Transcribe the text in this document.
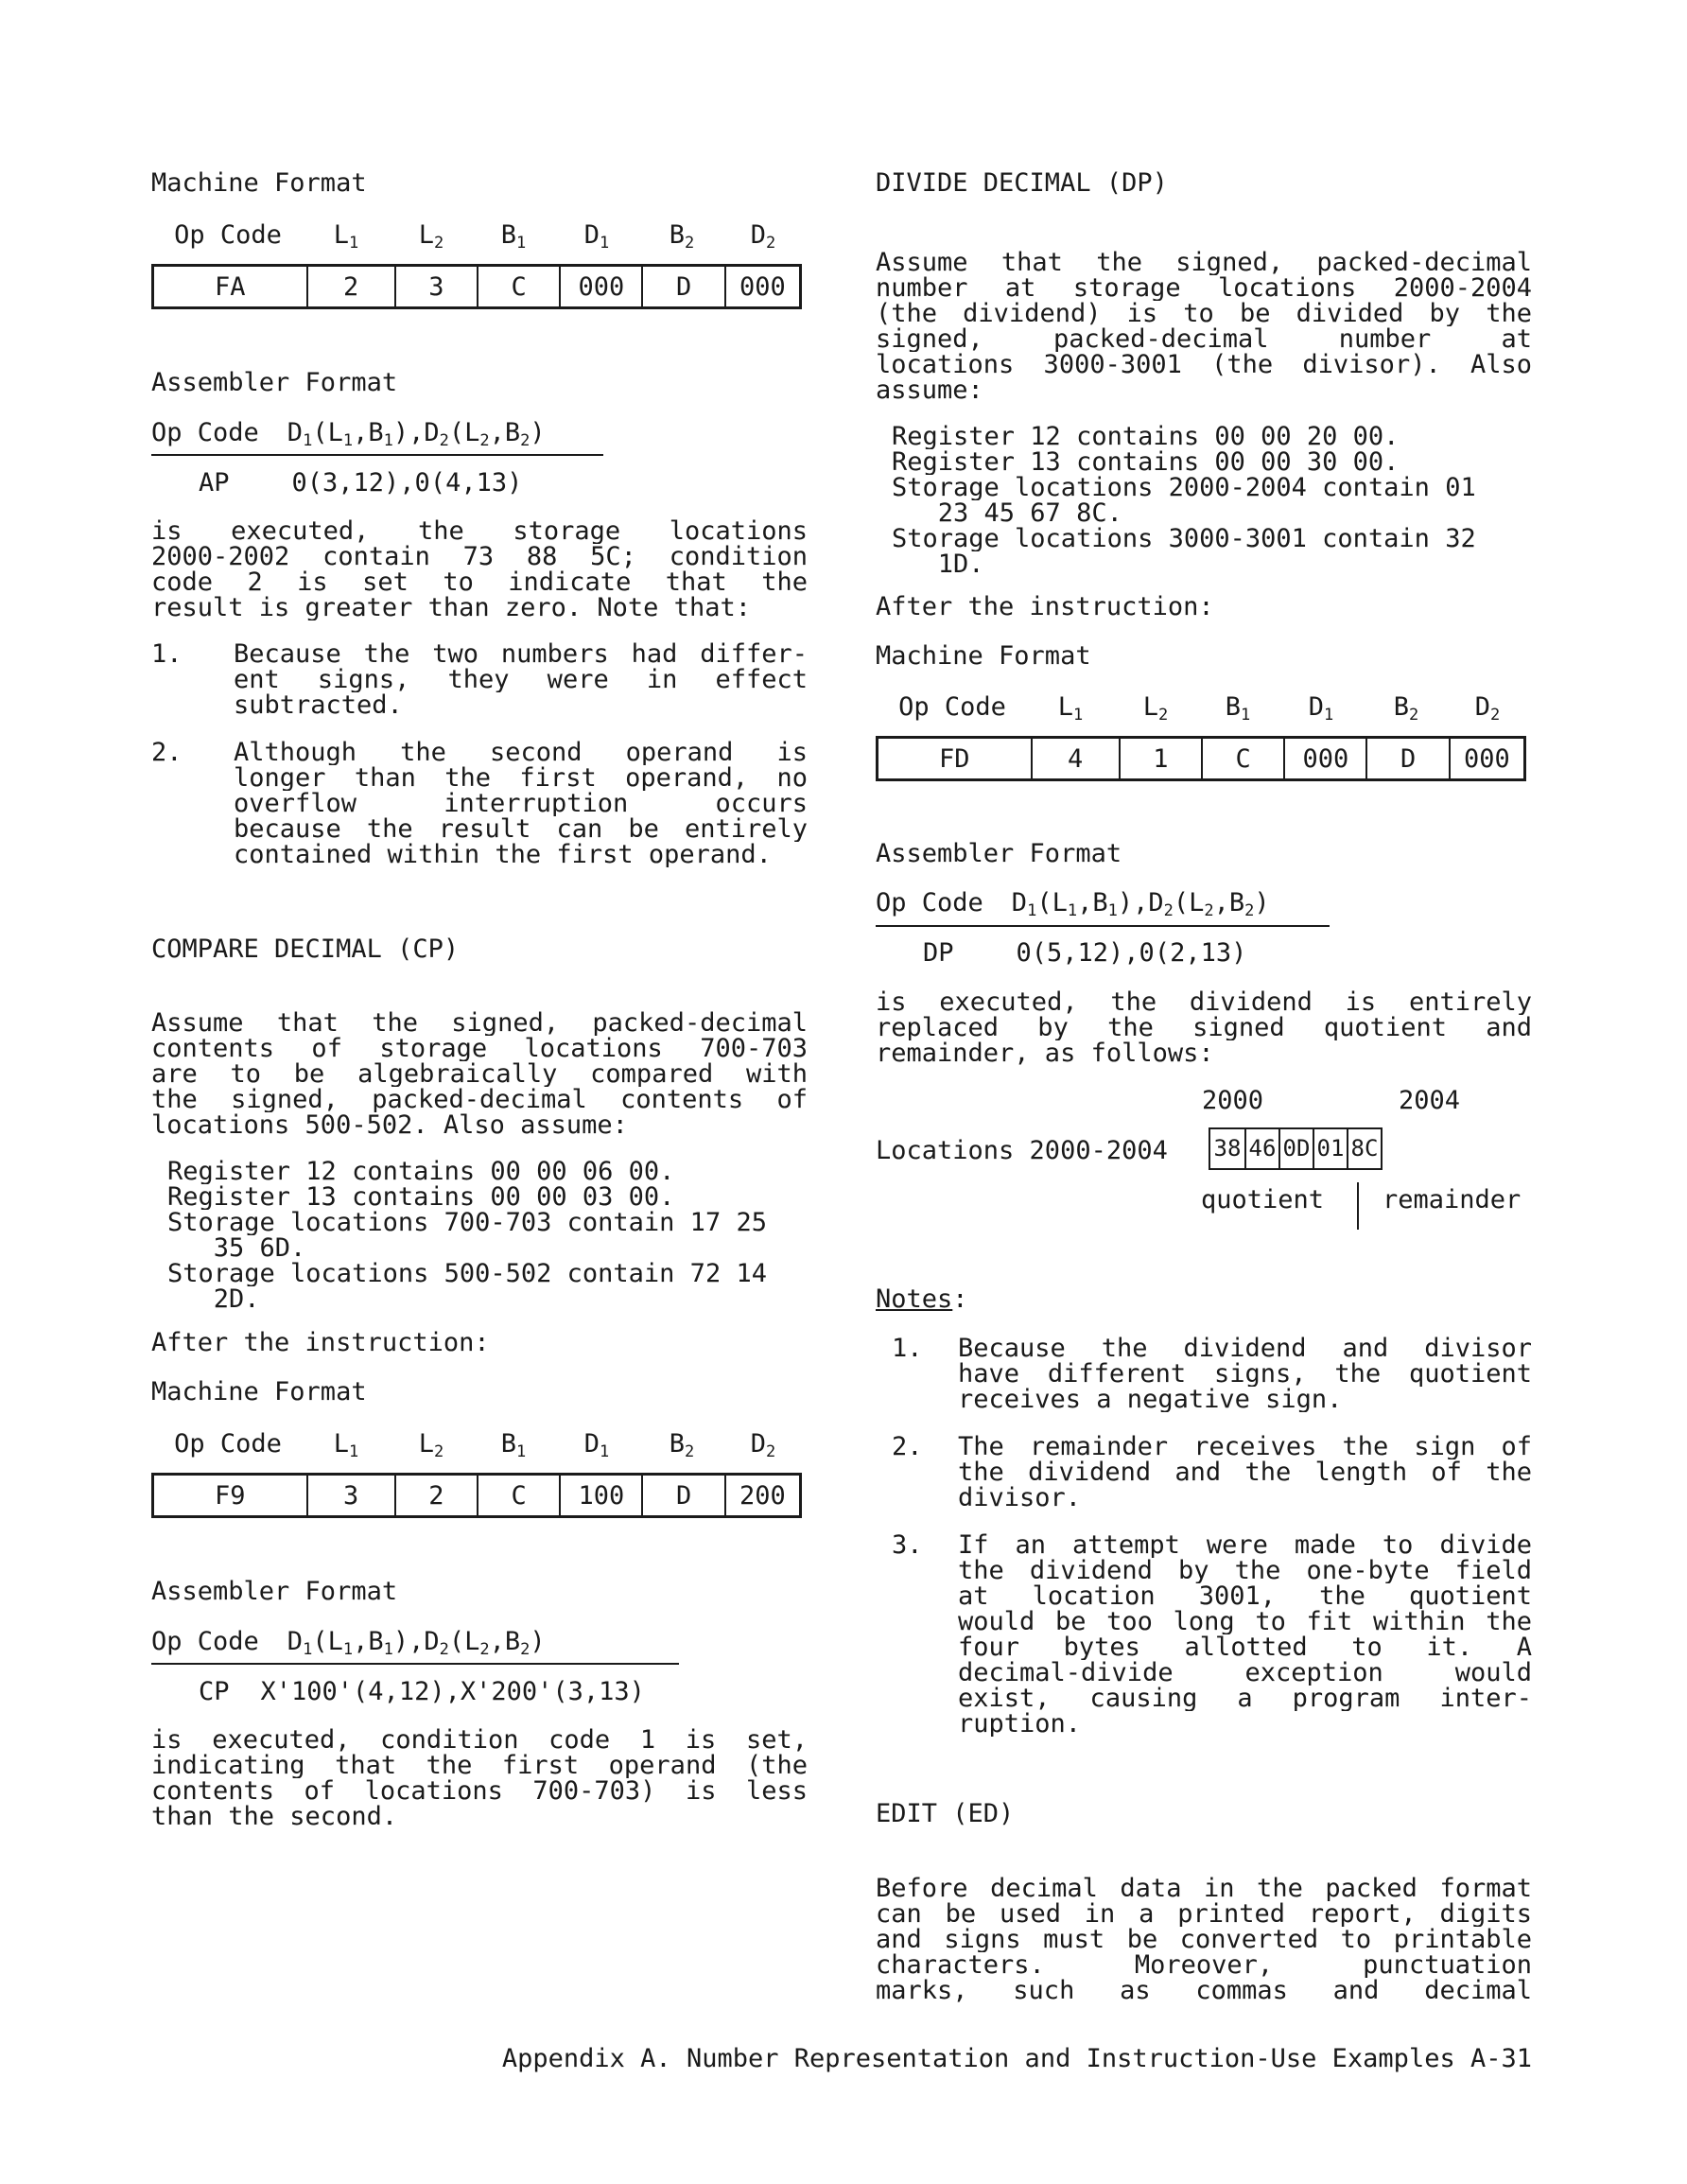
Machine Format
Op Code	$L_1$	$L_2$	$B_1$	$D_1$	$B_2$	$D_2$
FA	2	3	C	000	D	000
Assembler Format
Op Code $D_1(L_1,B_1),D_2(L_2,B_2)$
AP 0(3,12),0(4,13)
is executed, the storage locations
2000-2002 contain 73 88 5C; condition
code 2 is set to indicate that the
result is greater than zero. Note that:
1. Because the two numbers had differ-
ent signs, they were in effect
subtracted.
2. Although the second operand is
longer than the first operand, no
overflow interruption occurs
because the result can be entirely
contained within the first operand.
COMPARE DECIMAL (CP)
Assume that the signed, packed-decimal
contents of storage locations 700-703
are to be algebraically compared with
the signed, packed-decimal contents of
locations 500-502. Also assume:
Register 12 contains 00 00 06 00.
Register 13 contains 00 00 03 00.
Storage locations 700-703 contain 17 25
35 6D.
Storage locations 500-502 contain 72 14
2D.
After the instruction:
Machine Format
Op Code	$L_1$	$L_2$	$B_1$	$D_1$	$B_2$	$D_2$
F9	3	2	C	100	D	200
Assembler Format
Op Code $D_1(L_1,B_1),D_2(L_2,B_2)$
CP X'100'(4,12),X'200'(3,13)
is executed, condition code 1 is set,
indicating that the first operand (the
contents of locations 700-703) is less
than the second.
DIVIDE DECIMAL (DP)
Assume that the signed, packed-decimal
number at storage locations 2000-2004
(the dividend) is to be divided by the
signed, packed-decimal number at
locations 3000-3001 (the divisor). Also
assume:
Register 12 contains 00 00 20 00.
Register 13 contains 00 00 30 00.
Storage locations 2000-2004 contain 01
23 45 67 8C.
Storage locations 3000-3001 contain 32
1D.
After the instruction:
Machine Format
Op Code	$L_1$	$L_2$	$B_1$	$D_1$	$B_2$	$D_2$
FD	4	1	C	000	D	000
Assembler Format
Op Code $D_1(L_1,B_1),D_2(L_2,B_2)$
DP 0(5,12),0(2,13)
is executed, the dividend is entirely
replaced by the signed quotient and
remainder, as follows:
2000	2004
Locations 2000-2004 38 46 0D 01 8C
quotient	remainder
Notes:
1. Because the dividend and divisor
have different signs, the quotient
receives a negative sign.
2. The remainder receives the sign of
the dividend and the length of the
divisor.
3. If an attempt were made to divide
the dividend by the one-byte field
at location 3001, the quotient
would be too long to fit within the
four bytes allotted to it. A
decimal-divide exception would
exist, causing a program inter-
ruption.
EDIT (ED)
Before decimal data in the packed format
can be used in a printed report, digits
and signs must be converted to printable
characters. Moreover, punctuation
marks, such as commas and decimal
Appendix A. Number Representation and Instruction-Use Examples A-31
